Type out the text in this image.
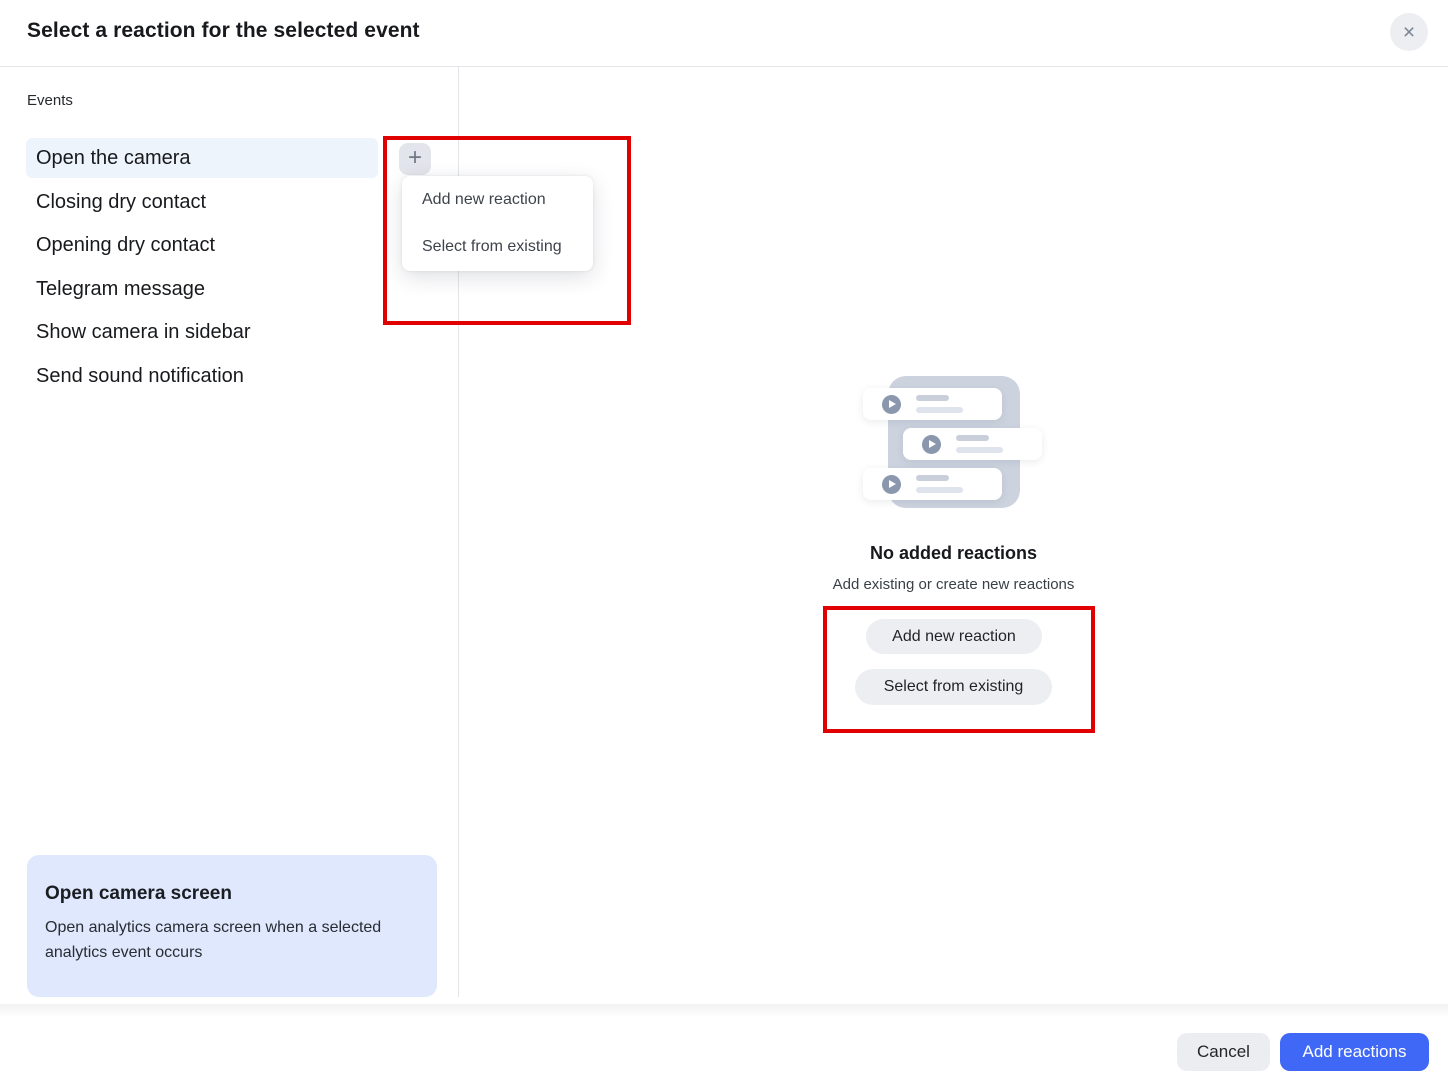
Select a reaction for the selected event	×
Events
Open the camera
Closing dry contact
Opening dry contact
Telegram message
Show camera in sidebar
Send sound notification
+
Add new reaction
Select from existing
No added reactions
Add existing or create new reactions
Add new reaction
Select from existing
Open camera screen
Open analytics camera screen when a selected analytics event occurs
Cancel	Add reactions
